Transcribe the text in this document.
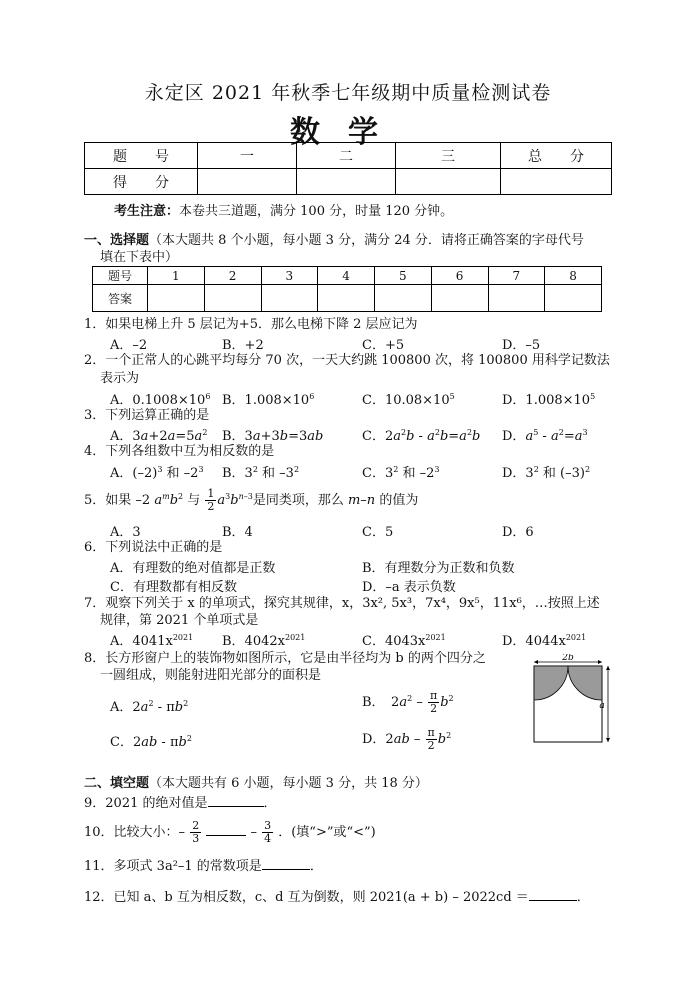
永定区 2021 年秋季七年级期中质量检测试卷
数学
题　　号	一	二	三	总　　分
得　　分				
考生注意：本卷共三道题，满分 100 分，时量 120 分钟。
一、选择题（本大题共 8 个小题，每小题 3 分，满分 24 分．请将正确答案的字母代号
填在下表中）
题号	1	2	3	4	5	6	7	8
答案								
1．如果电梯上升 5 层记为+5．那么电梯下降 2 层应记为
A．–2	B．+2	C．+5	D．–5
2．一个正常人的心跳平均每分 70 次，一天大约跳 100800 次，将 100800 用科学记数法
表示为
A．$0.1008\times 10^6$ B．$1.008\times 10^6$	C．$10.08\times 10^5$	D．$1.008\times 10^5$
3．下列运算正确的是
A．$3a+2a=5a^2$ B．3a+3b=3ab	C．$2a^2b - a^2b=a^2b$ D．$a^5 - a^2=a^3$
4．下列各组数中互为相反数的是
A．$(-2)^3$ 和 $-2^3$ B．$3^2$ 和 $-3^2$	C．$3^2$ 和 $-2^3$	D．$3^2$ 和 $(-3)^2$
5．如果 –2 $a^mb^2$ 与 $\frac{1}{2} a^3b^{n-3}$是同类项，那么 m–n 的值为
A．3	B．4	C．5	D．6
6．下列说法中正确的是
A．有理数的绝对值都是正数	B．有理数分为正数和负数
C．有理数都有相反数	D．–a 表示负数
7．观察下列关于 x 的单项式，探究其规律，x，3x², 5x³，7x⁴，9x⁵，11x⁶，…按照上述
规律，第 2021 个单项式是
A．$4041x^{2021}$ B．$4042x^{2021}$	C．$4043x^{2021}$	D．$4044x^{2021}$
8．长方形窗户上的装饰物如图所示，它是由半径均为 b 的两个四分之
一圆组成，则能射进阳光部分的面积是
A．$2a^2 - \pi b^2$	B．　$2a^2 - \frac{\pi}{2} b^2$
C．$2ab - \pi b^2$	D．$2ab - \frac{\pi}{2} b^2$
2b
a
二、填空题（本大题共有 6 小题，每小题 3 分，共 18 分）
9．2021 的绝对值是	．
10．比较大小：– $\frac{2}{3}$	– $\frac{3}{4}$ ．(填“>”或“<”)
11．多项式 3a²–1 的常数项是	．
12．已知 a、b 互为相反数，c、d 互为倒数，则 2021(a + b) – 2022cd ＝	．
